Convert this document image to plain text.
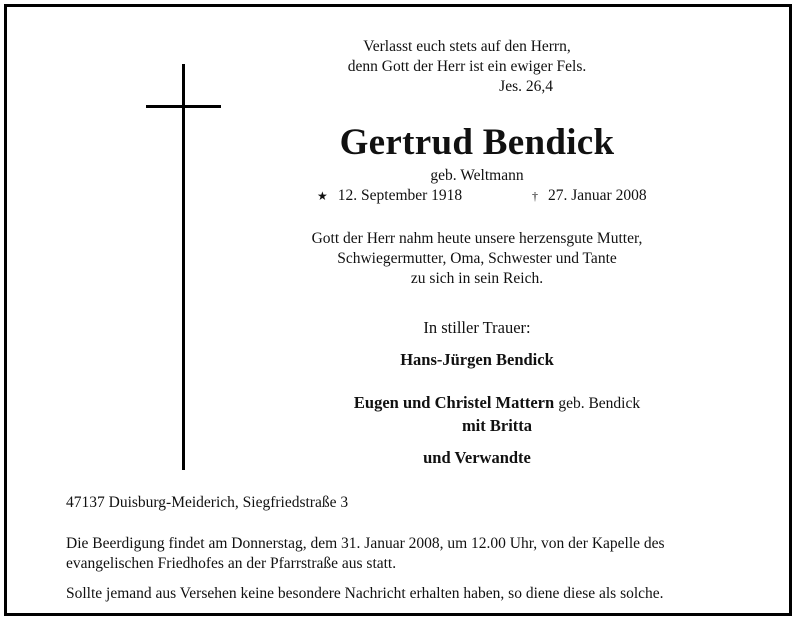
Verlasst euch stets auf den Herrn,
denn Gott der Herr ist ein ewiger Fels.
Jes. 26,4
Gertrud Bendick
geb. Weltmann
★ 12. September 1918	† 27. Januar 2008
Gott der Herr nahm heute unsere herzensgute Mutter,
Schwiegermutter, Oma, Schwester und Tante
zu sich in sein Reich.
In stiller Trauer:
Hans-Jürgen Bendick
Eugen und Christel Mattern geb. Bendick
mit Britta
und Verwandte
47137 Duisburg-Meiderich, Siegfriedstraße 3
Die Beerdigung findet am Donnerstag, dem 31. Januar 2008, um 12.00 Uhr, von der Kapelle des
evangelischen Friedhofes an der Pfarrstraße aus statt.
Sollte jemand aus Versehen keine besondere Nachricht erhalten haben, so diene diese als solche.
